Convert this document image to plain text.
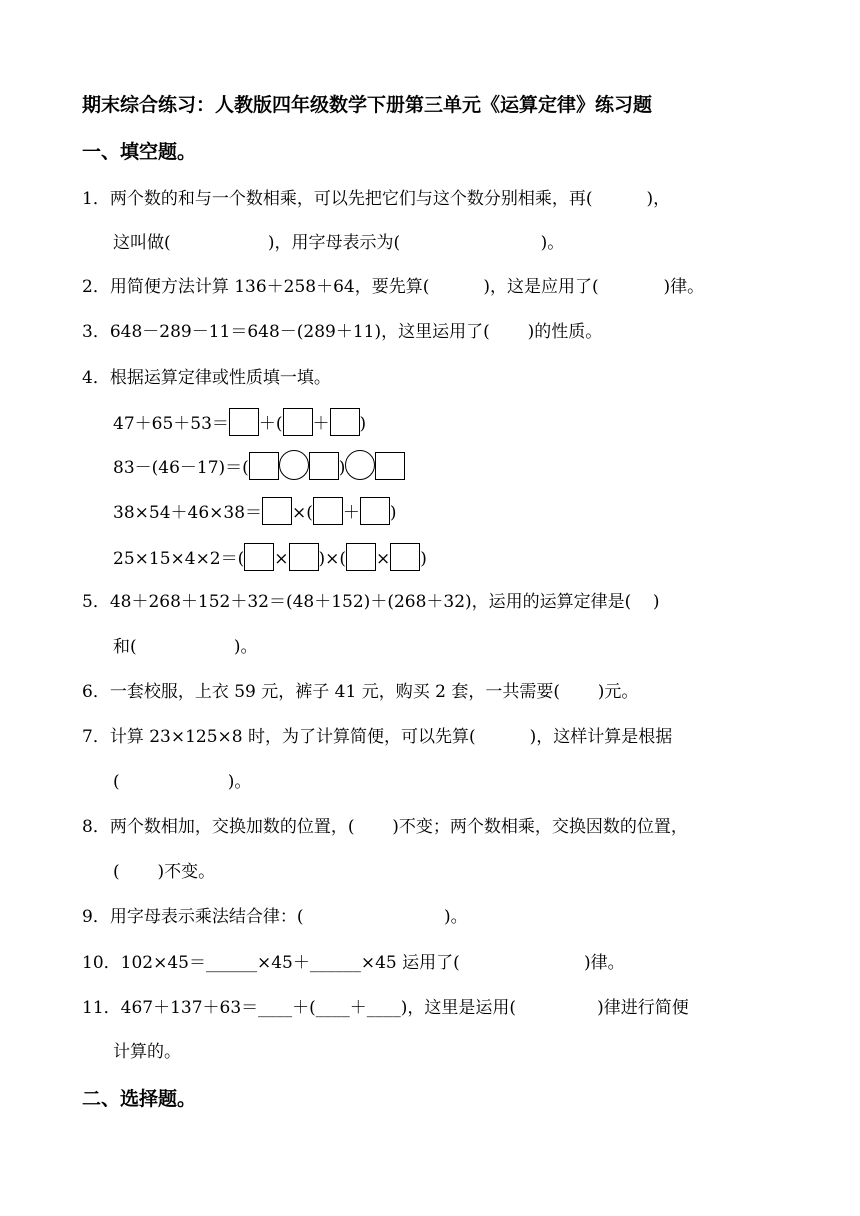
期末综合练习：人教版四年级数学下册第三单元《运算定律》练习题
一、填空题。
1．两个数的和与一个数相乘，可以先把它们与这个数分别相乘，再(          )，
这叫做(                  )，用字母表示为(                          )。
2．用简便方法计算 136＋258＋64，要先算(          )，这是应用了(            )律。
3．648－289－11＝648－(289＋11)，这里运用了(       )的性质。
4．根据运算定律或性质填一填。
47＋65＋53＝ ＋( ＋ )
83－(46－17)＝(	)
38×54＋46×38＝ ×( ＋ )
25×15×4×2＝( × )×( × )
5．48＋268＋152＋32＝(48＋152)＋(268＋32)，运用的运算定律是(    )
和(                  )。
6．一套校服，上衣 59 元，裤子 41 元，购买 2 套，一共需要(       )元。
7．计算 23×125×8 时，为了计算简便，可以先算(          )，这样计算是根据
(                    )。
8．两个数相加，交换加数的位置，(       )不变；两个数相乘，交换因数的位置，
(       )不变。
9．用字母表示乘法结合律：(                          )。
10．102×45＝______×45＋______×45 运用了(                       )律。
11．467＋137＋63＝____＋(____＋____)，这里是运用(               )律进行简便
计算的。
二、选择题。
